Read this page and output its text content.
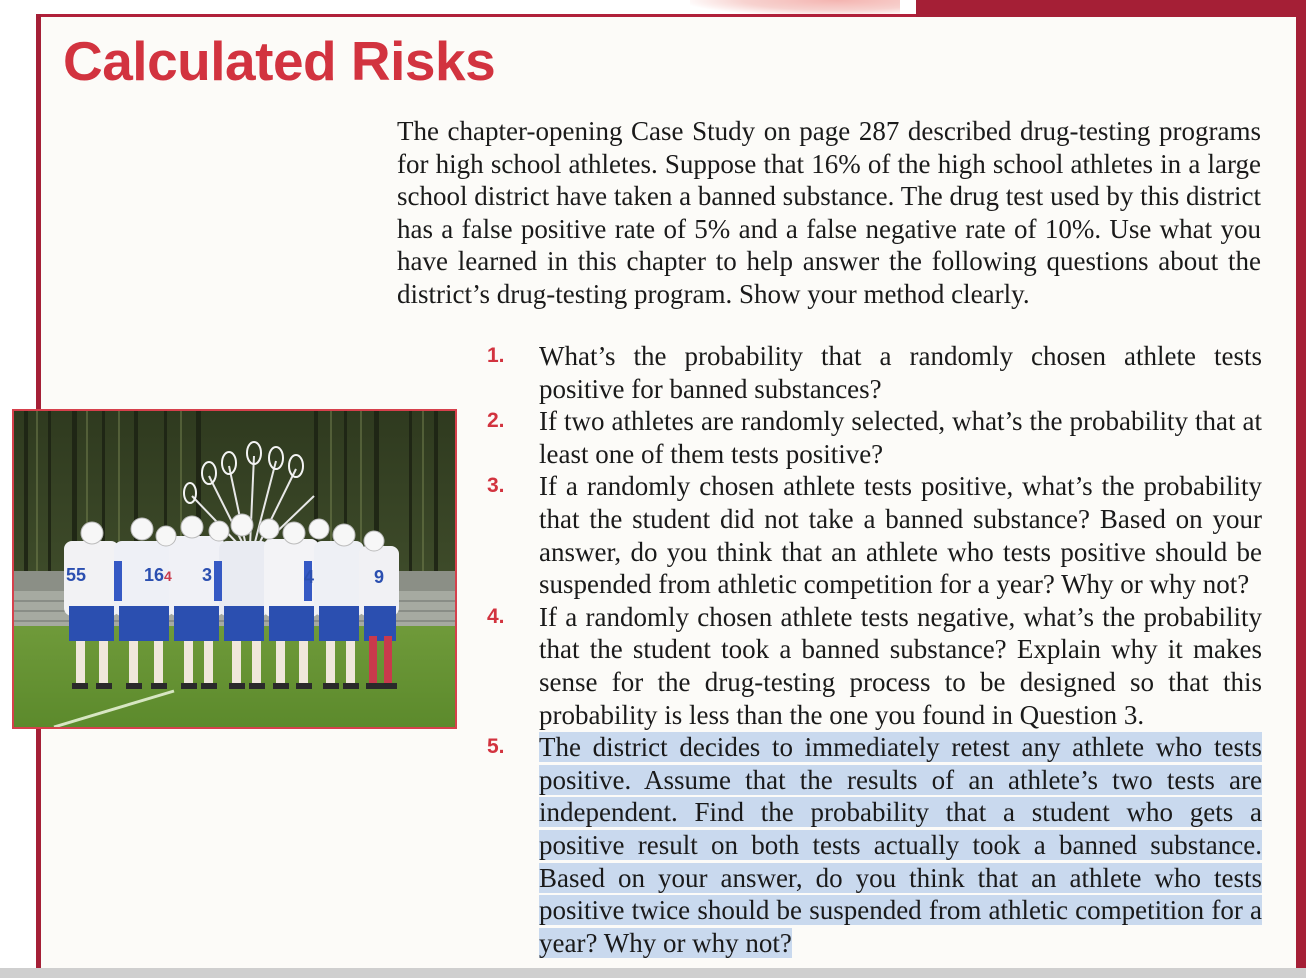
Calculated Risks

The chapter-opening Case Study on page 287 described drug-testing programs for high school athletes. Suppose that 16% of the high school athletes in a large school district have taken a banned substance. The drug test used by this district has a false positive rate of 5% and a false negative rate of 10%. Use what you have learned in this chapter to help answer the following questions about the district’s drug-testing program. Show your method clearly.

55	16 3	4	9
4
1. What’s the probability that a randomly chosen athlete tests positive for banned substances?
2. If two athletes are randomly selected, what’s the probability that at least one of them tests positive?
3. If a randomly chosen athlete tests positive, what’s the probability that the student did not take a banned substance? Based on your answer, do you think that an athlete who tests positive should be suspended from athletic competition for a year? Why or why not?
4. If a randomly chosen athlete tests negative, what’s the probability that the student took a banned substance? Explain why it makes sense for the drug-testing process to be designed so that this probability is less than the one you found in Question 3.
5. The district decides to immediately retest any athlete who tests positive. Assume that the results of an athlete’s two tests are independent. Find the probability that a student who gets a positive result on both tests actually took a banned substance. Based on your answer, do you think that an athlete who tests positive twice should be suspended from athletic competition for a year? Why or why not?
